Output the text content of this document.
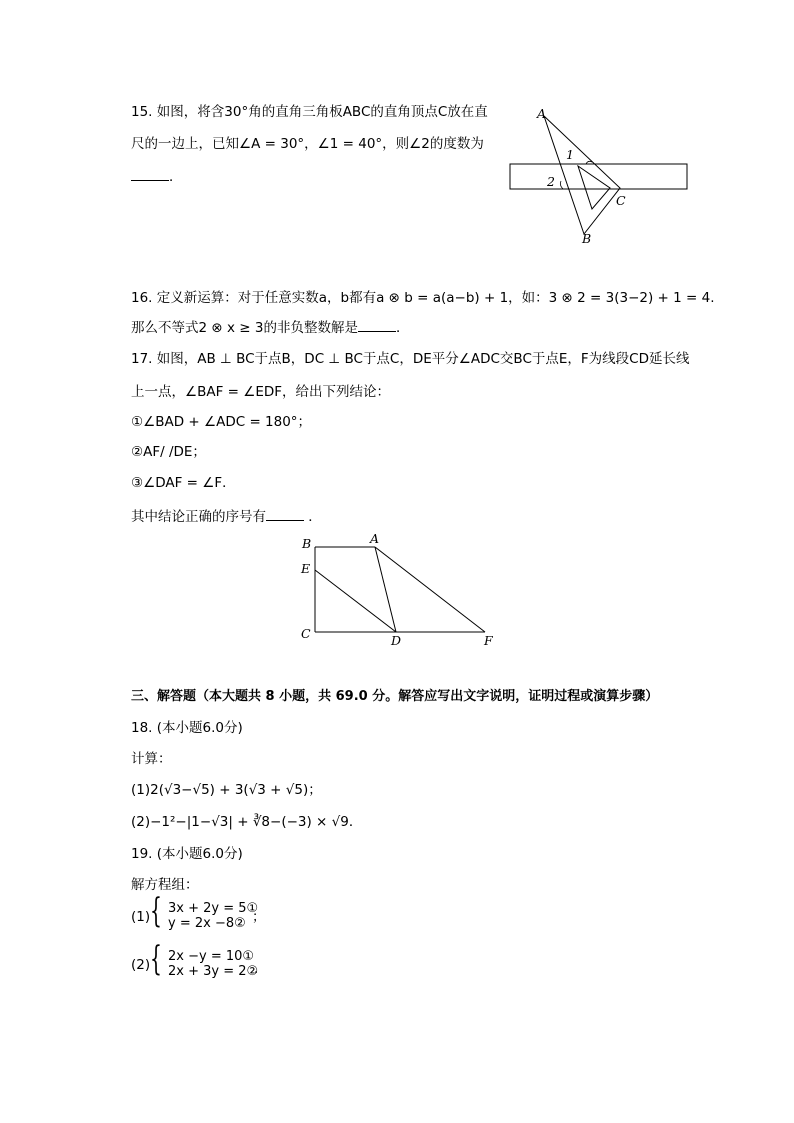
15. 如图，将含30°角的直角三角板ABC的直角顶点C放在直
尺的一边上，已知∠A = 30°，∠1 = 40°，则∠2的度数为
．
A
B
C
1
2
16. 定义新运算：对于任意实数a，b都有a ⊗ b = a(a−b) + 1，如：3 ⊗ 2 = 3(3−2) + 1 = 4.
那么不等式2 ⊗ x ≥ 3的非负整数解是	．
17. 如图，AB ⊥ BC于点B，DC ⊥ BC于点C，DE平分∠ADC交BC于点E，F为线段CD延长线
上一点，∠BAF = ∠EDF，给出下列结论：
①∠BAD + ∠ADC = 180°；
②AF/ /DE；
③∠DAF = ∠F．
其中结论正确的序号有	．
B	A
E
C	D	F
三、解答题（本大题共 8 小题，共 69.0 分。解答应写出文字说明，证明过程或演算步骤）
18. (本小题6.0分)
计算：
(1)2(√3−√5) + 3(√3 + √5)；
(2)−1²−|1−√3| + ∛8−(−3) × √9．
19. (本小题6.0分)
解方程组：
(1) { 3x + 2y = 5①
y = 2x −8② ；
(2) { 2x −y = 10①
2x + 3y = 2②
．
